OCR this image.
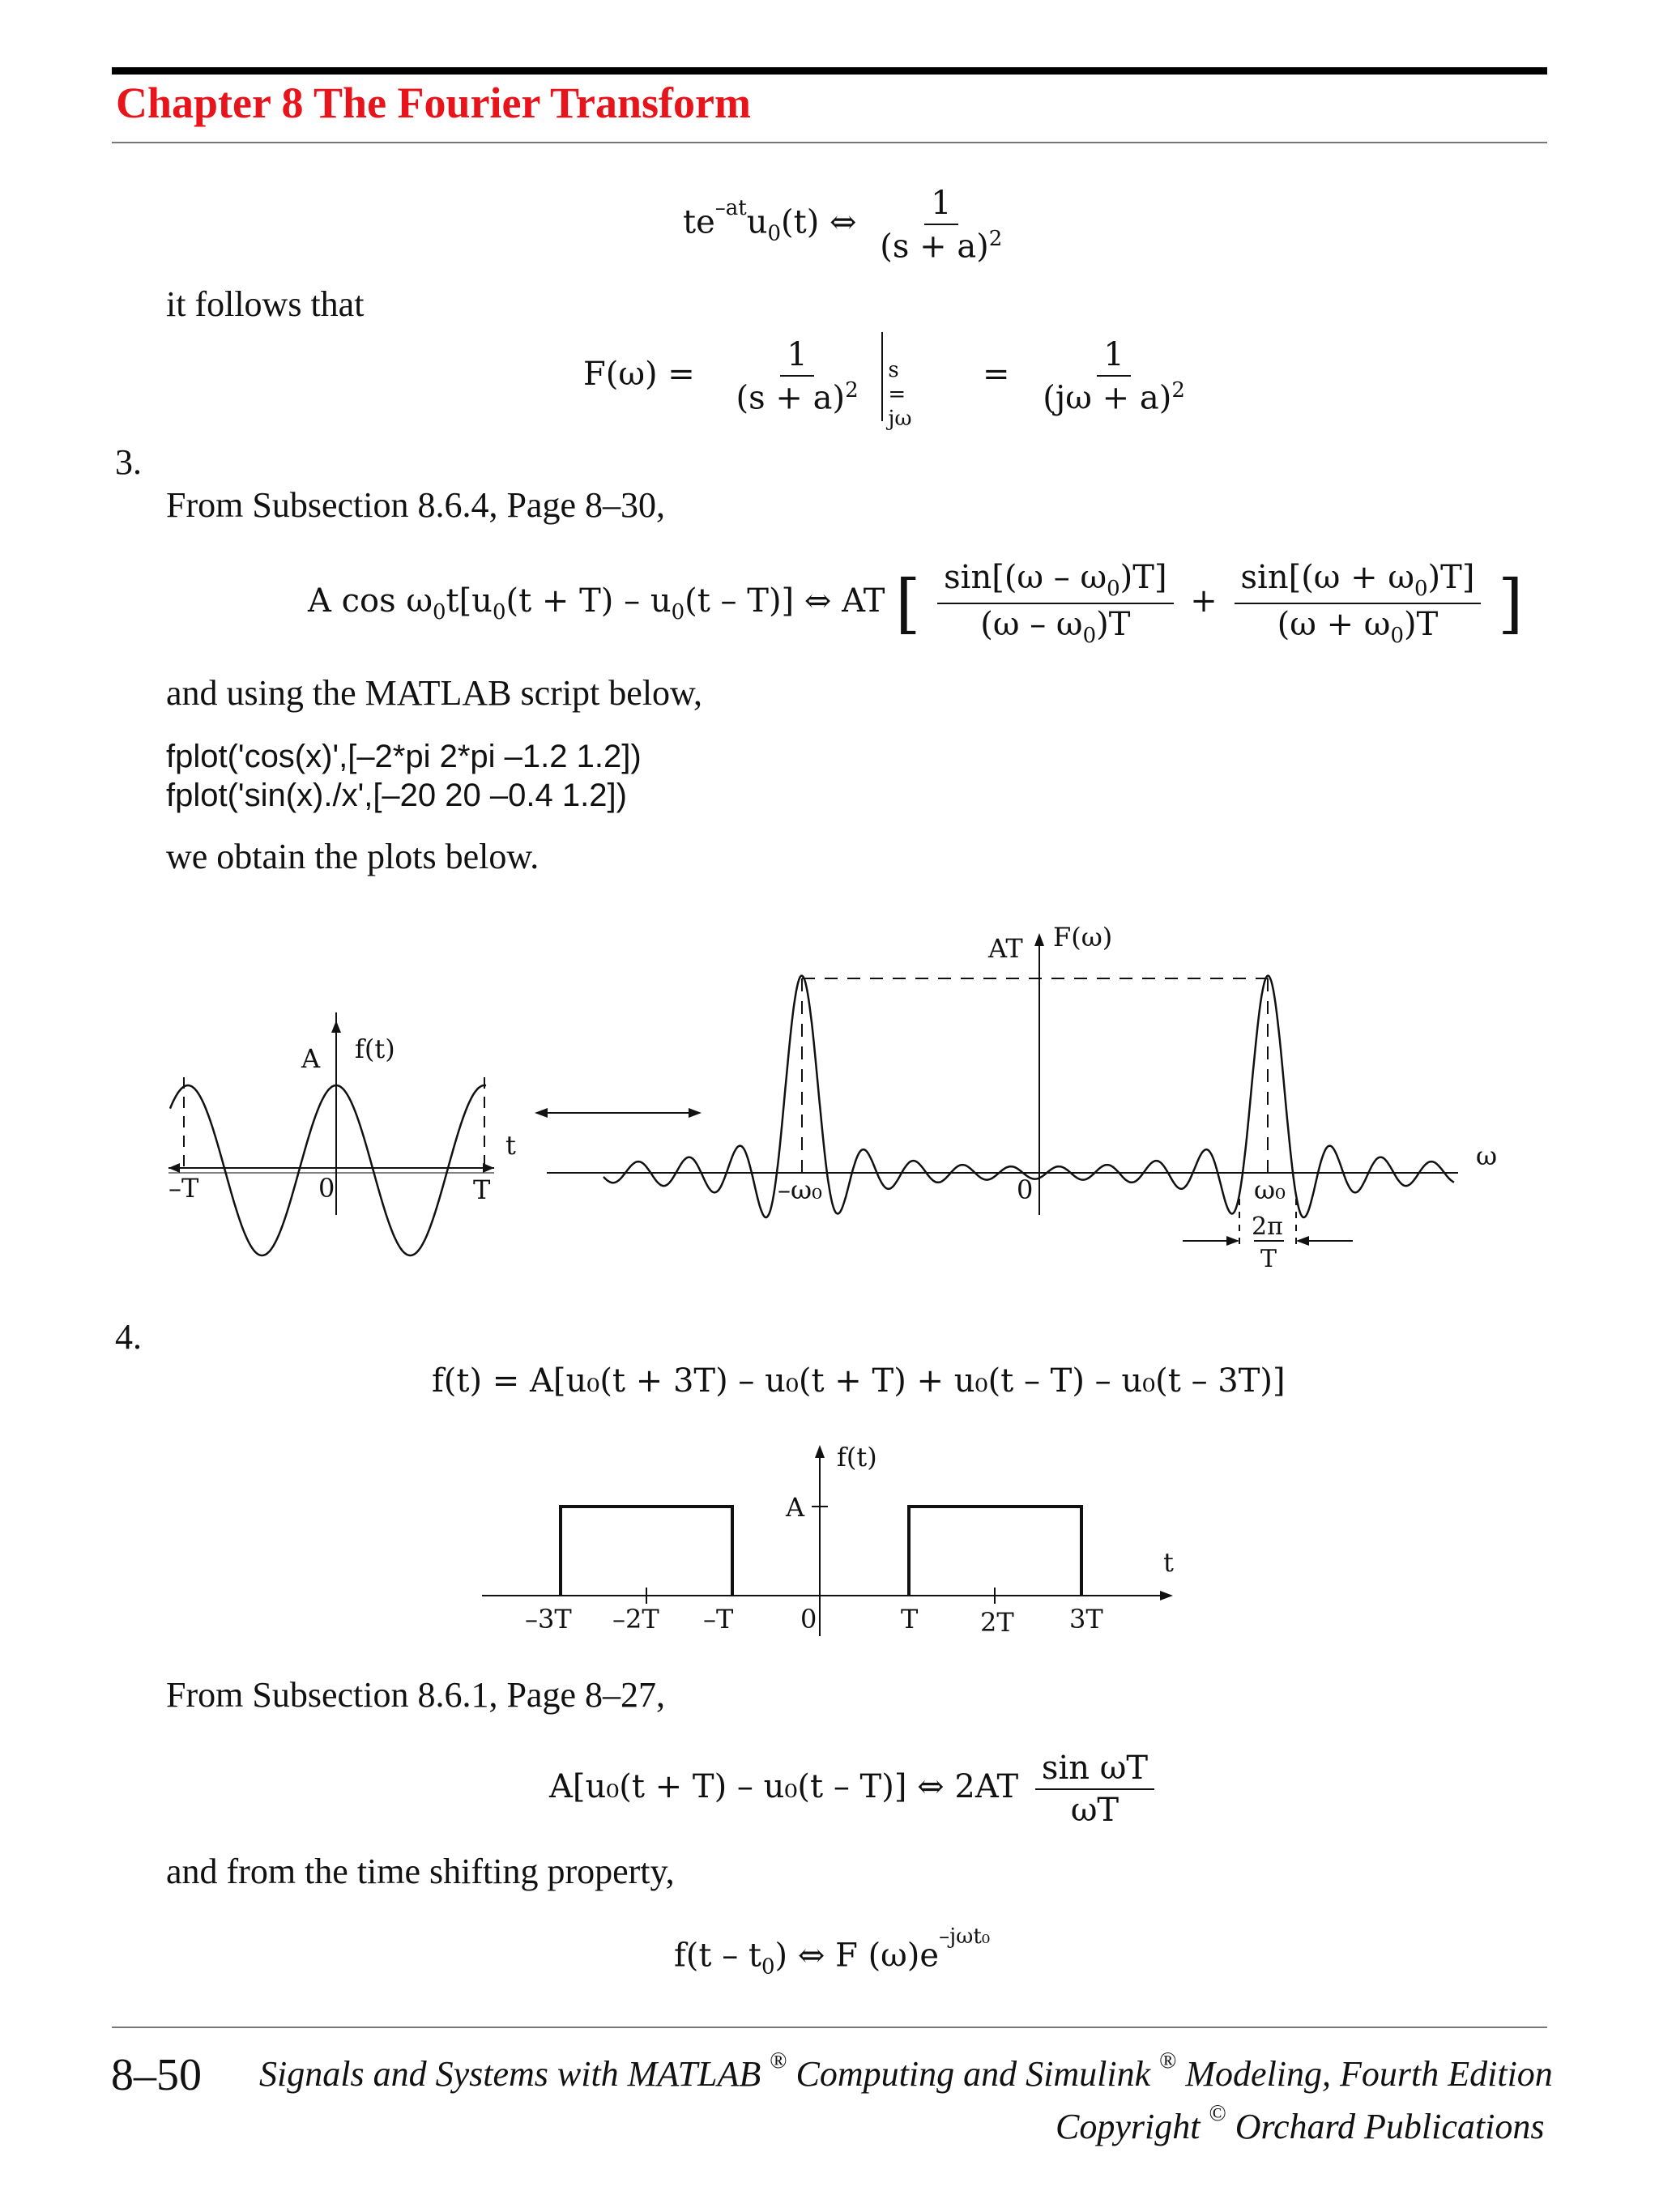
Chapter 8 The Fourier Transform
$te^{-at}u_0(t)$ ⇔ $\frac{1}{(s + a)^2}$
it follows that
$F(\omega) = \frac{1}{(s + a)^2}$
s = jω
= $\frac{1}{(j\omega + a)^2}$
3.
From Subsection 8.6.4, Page 8–30,
A $\cos \omega_0t[u_0(t + T) - u_0(t - T)]$ ⇔ AT [ $\frac{\sin[(\omega - \omega_0)T]}{(\omega - \omega_0)T} + \frac{\sin[(\omega + \omega_0)T]}{(\omega + \omega_0)T}$ ]
and using the MATLAB script below,
fplot('cos(x)',[–2*pi 2*pi –1.2 1.2])
fplot('sin(x)./x',[–20 20 –0.4 1.2])
we obtain the plots below.
A f(t)
t
–T	0	T
AT F(ω)
ω
–ω₀	0	ω₀
2π
T
4.
f(t) = A[u₀(t + 3T) – u₀(t + T) + u₀(t – T) – u₀(t – 3T)]
f(t)
A
t
–3T –2T –T	0	T 2T 3T
From Subsection 8.6.1, Page 8–27,
A[u₀(t + T) – u₀(t – T)] ⇔ $2AT \frac{\text{sin ωT}}{\omega T}$
and from the time shifting property,
$f(t - t_0)$ ⇔ F $(\omega)e^{-j\omega t_0}$
8–50 Signals and Systems with MATLAB ® Computing and Simulink ® Modeling, Fourth Edition
Copyright © Orchard Publications
